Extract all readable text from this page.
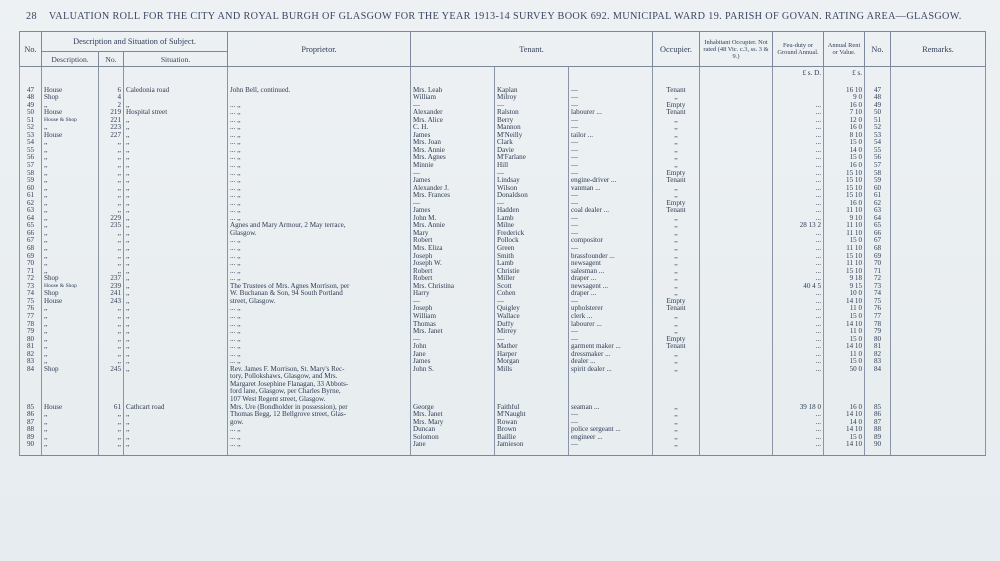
28 VALUATION ROLL FOR THE CITY AND ROYAL BURGH OF GLASGOW FOR THE YEAR 1913-14 SURVEY BOOK 692. MUNICIPAL WARD 19. PARISH OF GOVAN. RATING AREA—GLASGOW.
No.	Description and Situation of Subject.			Proprietor.	Tenant.			Occupier.	Inhabitant Occupier. Not rated (48 Vic. c.3, ss. 3 & 9.)	Feu-duty or Ground Annual.	Annual Rent or Value.	No.	Remarks.
	Description.	No.	Situation.										
										£ s. D.	£ s.		
47	House	6	Caledonia road	John Bell, continued.	Mrs. Leah	Kaplan	—	Tenant			16 10	47	
48	Shop	4			William	Milroy	—	,,			9 0	48	
49	,,	2	,,	... ,,	—	—	—	Empty		...	16 0	49	
50	House	219	Hospital street	... ,,	Alexander	Ralston	labourer ...	Tenant		...	7 10	50	
51	House & Shop	221	,,	... ,,	Mrs. Alice	Berry	—	,,		...	12 0	51	
52	,,	223	,,	... ,,	C. H.	Mannon	—	,,		...	16 0	52	
53	House	227	,,	... ,,	James	M'Neilly	tailor ...	,,		...	8 10	53	
54	,,	,,	,,	... ,,	Mrs. Joan	Clark	—	,,		...	15 0	54	
55	,,	,,	,,	... ,,	Mrs. Annie	Davie	—	,,		...	14 0	55	
56	,,	,,	,,	... ,,	Mrs. Agnes	M'Farlane	—	,,		...	15 0	56	
57	,,	,,	,,	... ,,	Minnie	Hill	—	,,		...	16 0	57	
58	,,	,,	,,	... ,,	—	—	—	Empty		...	15 10	58	
59	,,	,,	,,	... ,,	James	Lindsay	engine-driver ...	Tenant		...	15 10	59	
60	,,	,,	,,	... ,,	Alexander J.	Wilson	vanman ...	,,		...	15 10	60	
61	,,	,,	,,	... ,,	Mrs. Frances	Donaldson	—	,,		...	15 10	61	
62	,,	,,	,,	... ,,	—	—	—	Empty		...	16 0	62	
63	,,	,,	,,	... ,,	James	Hadden	coal dealer ...	Tenant		...	11 10	63	
64	,,	229	,,	... ,,	John M.	Lamb	—	,,		...	9 10	64	
65	,,	235	,,	Agnes and Mary Armour, 2 May terrace,	Mrs. Annie	Milne	—	,,		28 13 2	11 10	65	
66	,,	,,	,,	Glasgow.	Mary	Frederick	—	,,		...	11 10	66	
67	,,	,,	,,	... ,,	Robert	Pollock	compositor	,,		...	15 0	67	
68	,,	,,	,,	... ,,	Mrs. Eliza	Green	—	,,		...	11 10	68	
69	,,	,,	,,	... ,,	Joseph	Smith	brassfounder ...	,,		...	15 10	69	
70	,,	,,	,,	... ,,	Joseph W.	Lamb	newsagent	,,		...	11 10	70	
71	,,	,,	,,	... ,,	Robert	Christie	salesman ...	,,		...	15 10	71	
72	Shop	237	,,	... ,,	Robert	Miller	draper ...	,,		...	9 18	72	
73	House & Shop	239	,,	The Trustees of Mrs. Agnes Morrison, per	Mrs. Christina	Scott	newsagent ...	,,		40 4 5	9 15	73	
74	Shop	241	,,	W. Buchanan & Son, 94 South Portland	Harry	Cohen	draper ...	,,		...	10 0	74	
75	House	243	,,	street, Glasgow.	—	—	—	Empty		...	14 10	75	
76	,,	,,	,,	... ,,	Joseph	Quigley	upholsterer	Tenant		...	11 0	76	
77	,,	,,	,,	... ,,	William	Wallace	clerk ...	,,		...	15 0	77	
78	,,	,,	,,	... ,,	Thomas	Duffy	labourer ...	,,		...	14 10	78	
79	,,	,,	,,	... ,,	Mrs. Janet	Mirrey	—	,,		...	11 0	79	
80	,,	,,	,,	... ,,	—	—	—	Empty		...	15 0	80	
81	,,	,,	,,	... ,,	John	Mather	garment maker ...	Tenant		...	14 10	81	
82	,,	,,	,,	... ,,	Jane	Harper	dressmaker ...	,,		...	11 0	82	
83	,,	,,	,,	... ,,	James	Morgan	dealer ...	,,		...	15 0	83	
84	Shop	245	,,	Rev. James F. Morrison, St. Mary's Rec-	John S.	Mills	spirit dealer ...	,,		...	50 0	84	
				tory, Pollokshaws, Glasgow, and Mrs.									
				Margaret Josephine Flanagan, 33 Abbots-									
				ford lane, Glasgow, per Charles Byrne,									
				107 West Regent street, Glasgow.									
85	House	61	Cathcart road	Mrs. Ure (Bondholder in possession), per	George	Faithful	seaman ...	,,		39 18 0	16 0	85	
86	,,	,,	,,	Thomas Begg, 12 Bellgrove street, Glas-	Mrs. Janet	M'Naught	—	,,		...	14 10	86	
87	,,	,,	,,	gow.	Mrs. Mary	Rowan	—	,,		...	14 0	87	
88	,,	,,	,,	... ,,	Duncan	Brown	police sergeant ...	,,		...	14 10	88	
89	,,	,,	,,	... ,,	Solomon	Baillie	engineer ...	,,		...	15 0	89	
90	,,	,,	,,	... ,,	Jane	Jamieson	—	,,		...	14 10	90	
